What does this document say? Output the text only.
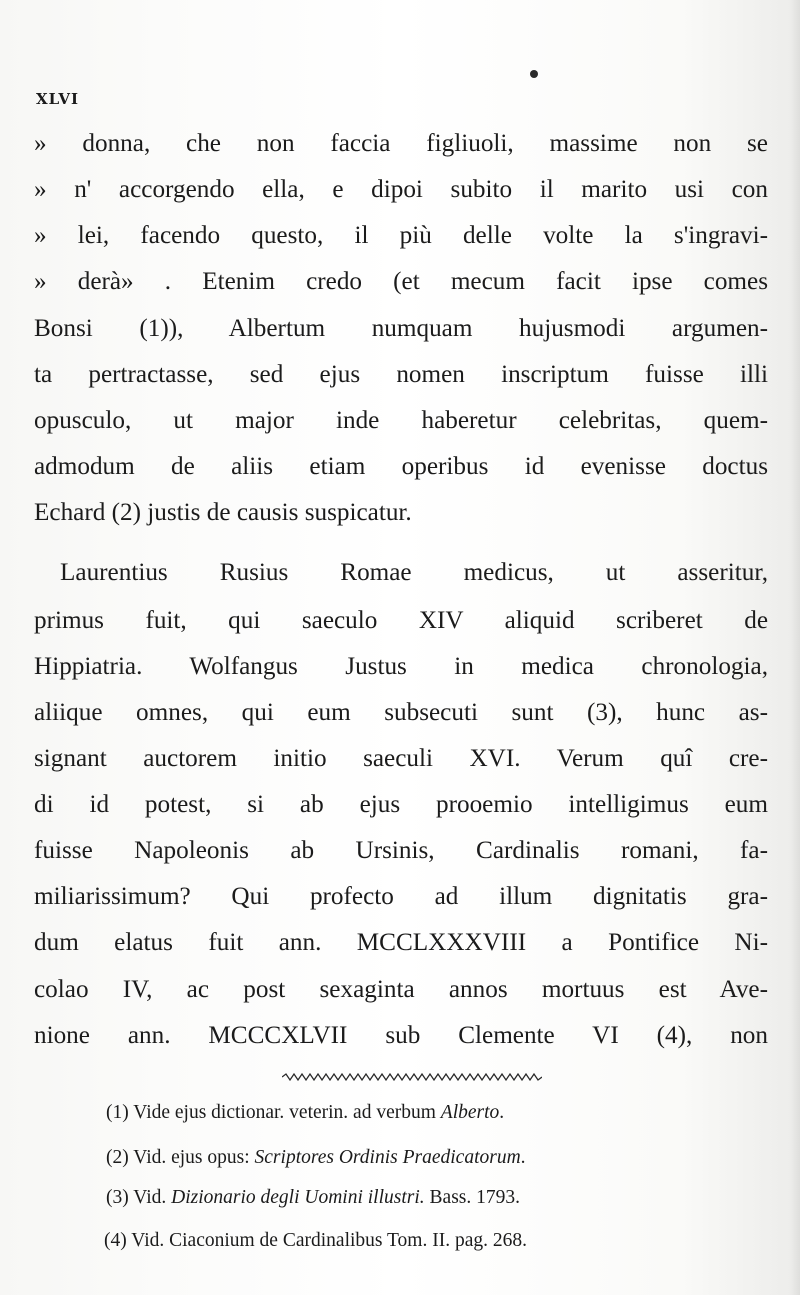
XLVI
» donna, che non faccia figliuoli, massime non se
» n' accorgendo ella, e dipoi subito il marito usi con
» lei, facendo questo, il più delle volte la s'ingravi-
» derà» . Etenim credo (et mecum facit ipse comes
Bonsi (1)), Albertum numquam hujusmodi argumen-
ta pertractasse, sed ejus nomen inscriptum fuisse illi
opusculo, ut major inde haberetur celebritas, quem-
admodum de aliis etiam operibus id evenisse doctus
Echard (2) justis de causis suspicatur.
Laurentius Rusius Romae medicus, ut asseritur,
primus fuit, qui saeculo XIV aliquid scriberet de
Hippiatria. Wolfangus Justus in medica chronologia,
aliique omnes, qui eum subsecuti sunt (3), hunc as-
signant auctorem initio saeculi XVI. Verum quî cre-
di id potest, si ab ejus prooemio intelligimus eum
fuisse Napoleonis ab Ursinis, Cardinalis romani, fa-
miliarissimum? Qui profecto ad illum dignitatis gra-
dum elatus fuit ann. MCCLXXXVIII a Pontifice Ni-
colao IV, ac post sexaginta annos mortuus est Ave-
nione ann. MCCCXLVII sub Clemente VI (4), non
(1) Vide ejus dictionar. veterin. ad verbum Alberto.
(2) Vid. ejus opus: Scriptores Ordinis Praedicatorum.
(3) Vid. Dizionario degli Uomini illustri. Bass. 1793.
(4) Vid. Ciaconium de Cardinalibus Tom. II. pag. 268.
